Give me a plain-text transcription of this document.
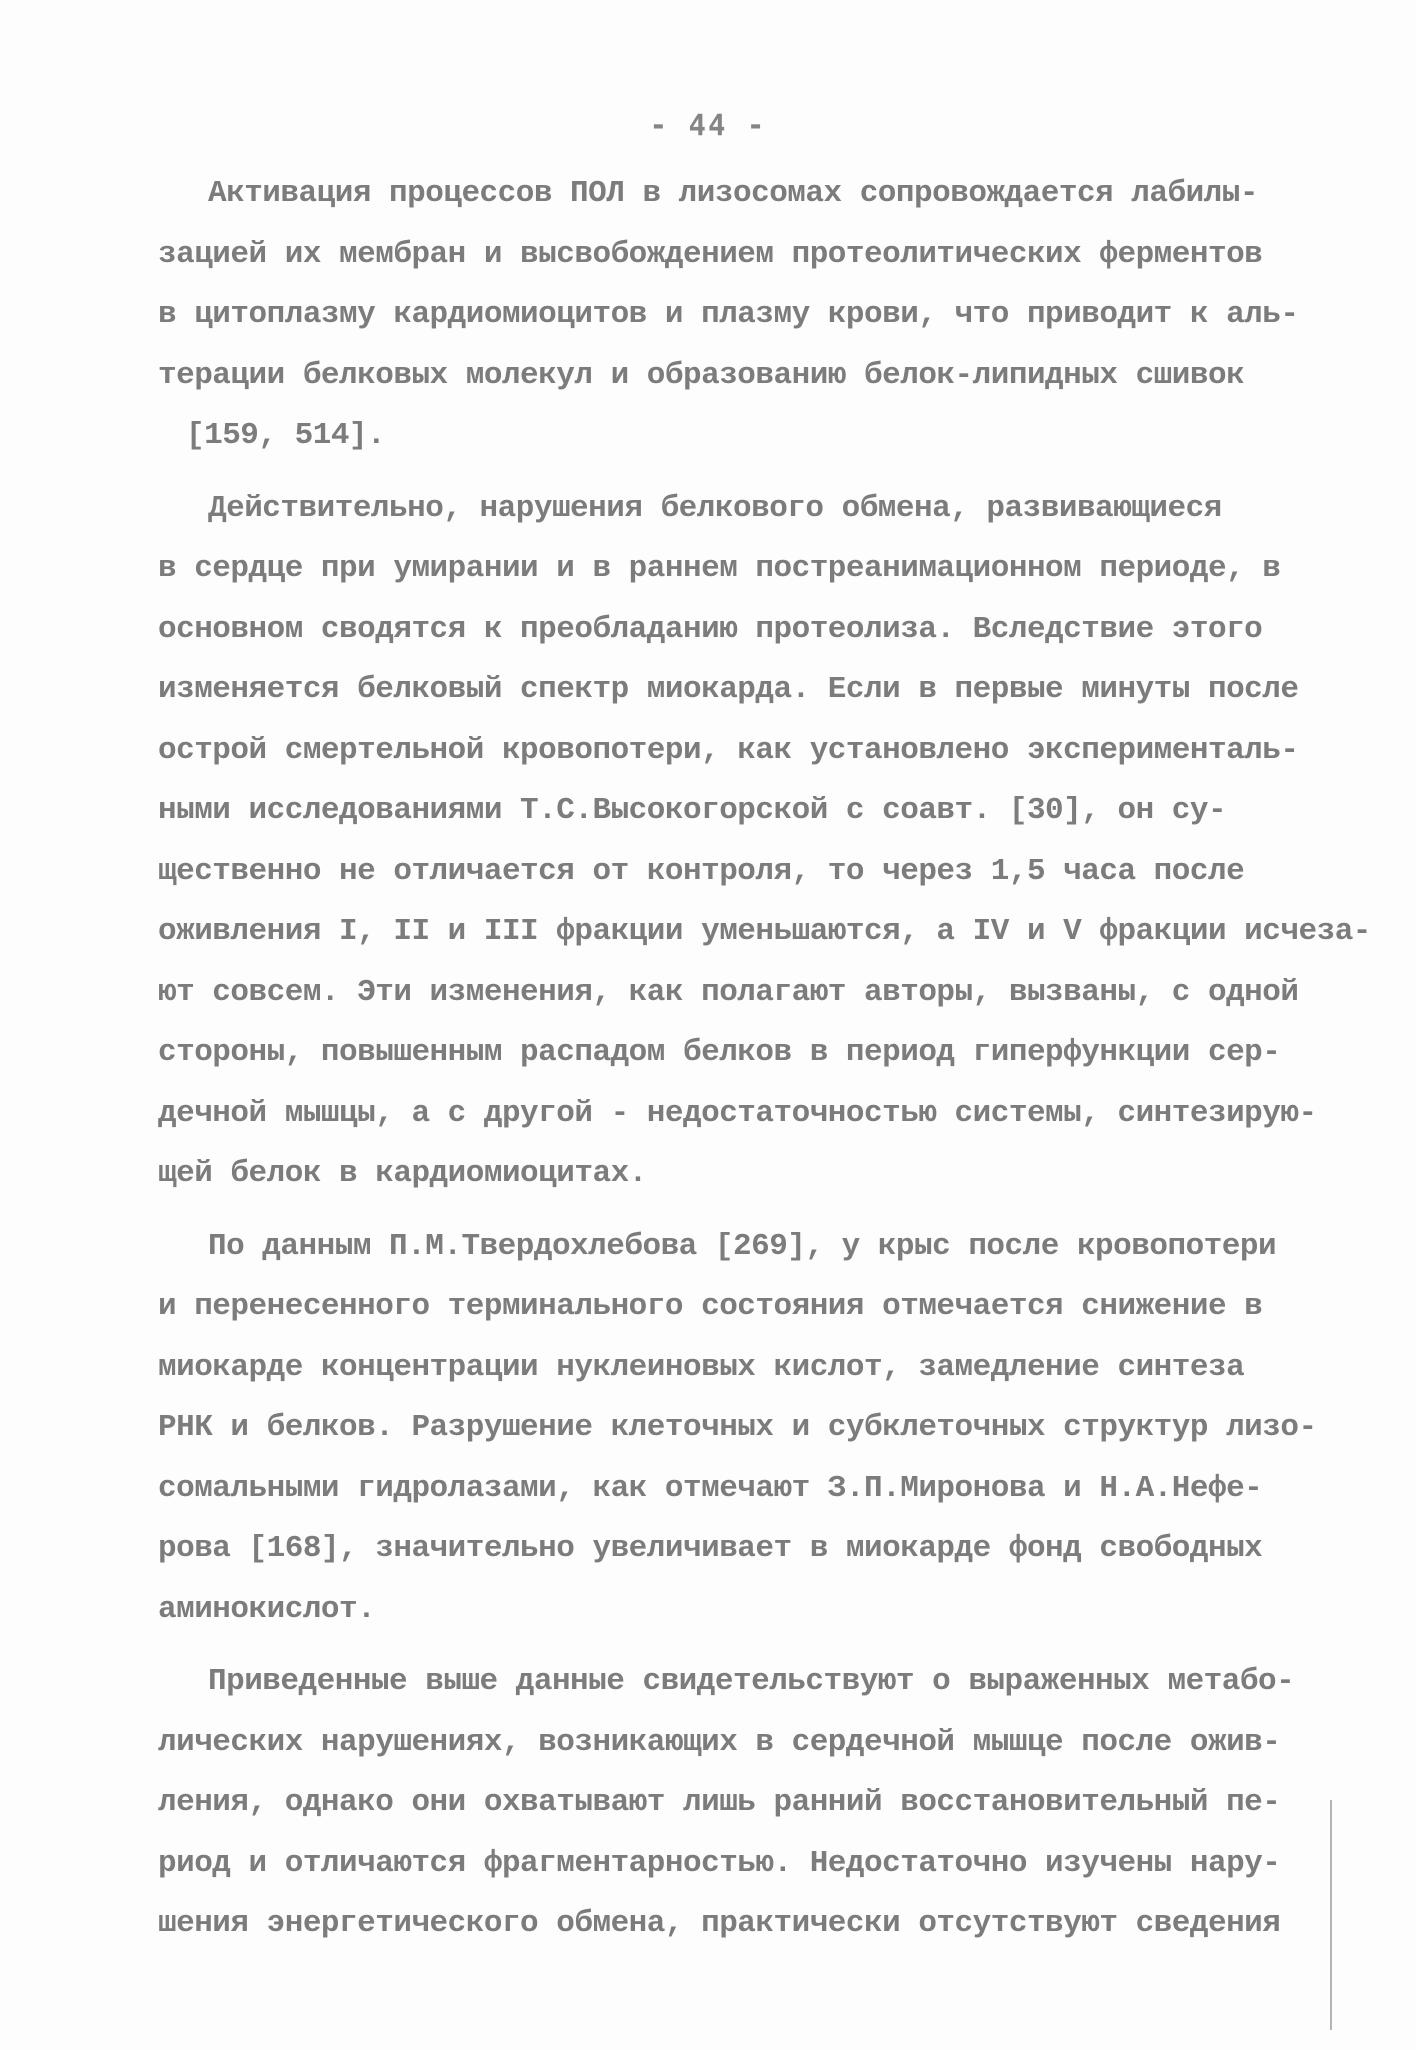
- 44 -
Активация процессов ПОЛ в лизосомах сопровождается лабилы-
зацией их мембран и высвобождением протеолитических ферментов
в цитоплазму кардиомиоцитов и плазму крови, что приводит к аль-
терации белковых молекул и образованию белок-липидных сшивок
[159, 514].
Действительно, нарушения белкового обмена, развивающиеся
в сердце при умирании и в раннем постреанимационном периоде, в
основном сводятся к преобладанию протеолиза. Вследствие этого
изменяется белковый спектр миокарда. Если в первые минуты после
острой смертельной кровопотери, как установлено эксперименталь-
ными исследованиями Т.С.Высокогорской с соавт. [30], он су-
щественно не отличается от контроля, то через 1,5 часа после
оживления I, II и III фракции уменьшаются, а IV и V фракции исчеза-
ют совсем. Эти изменения, как полагают авторы, вызваны, с одной
стороны, повышенным распадом белков в период гиперфункции сер-
дечной мышцы, а с другой - недостаточностью системы, синтезирую-
щей белок в кардиомиоцитах.
По данным П.М.Твердохлебова [269], у крыс после кровопотери
и перенесенного терминального состояния отмечается снижение в
миокарде концентрации нуклеиновых кислот, замедление синтеза
РНК и белков. Разрушение клеточных и субклеточных структур лизо-
сомальными гидролазами, как отмечают З.П.Миронова и Н.А.Нефе-
рова [168], значительно увеличивает в миокарде фонд свободных
аминокислот.
Приведенные выше данные свидетельствуют о выраженных метабо-
лических нарушениях, возникающих в сердечной мышце после ожив-
ления, однако они охватывают лишь ранний восстановительный пе-
риод и отличаются фрагментарностью. Недостаточно изучены нару-
шения энергетического обмена, практически отсутствуют сведения
